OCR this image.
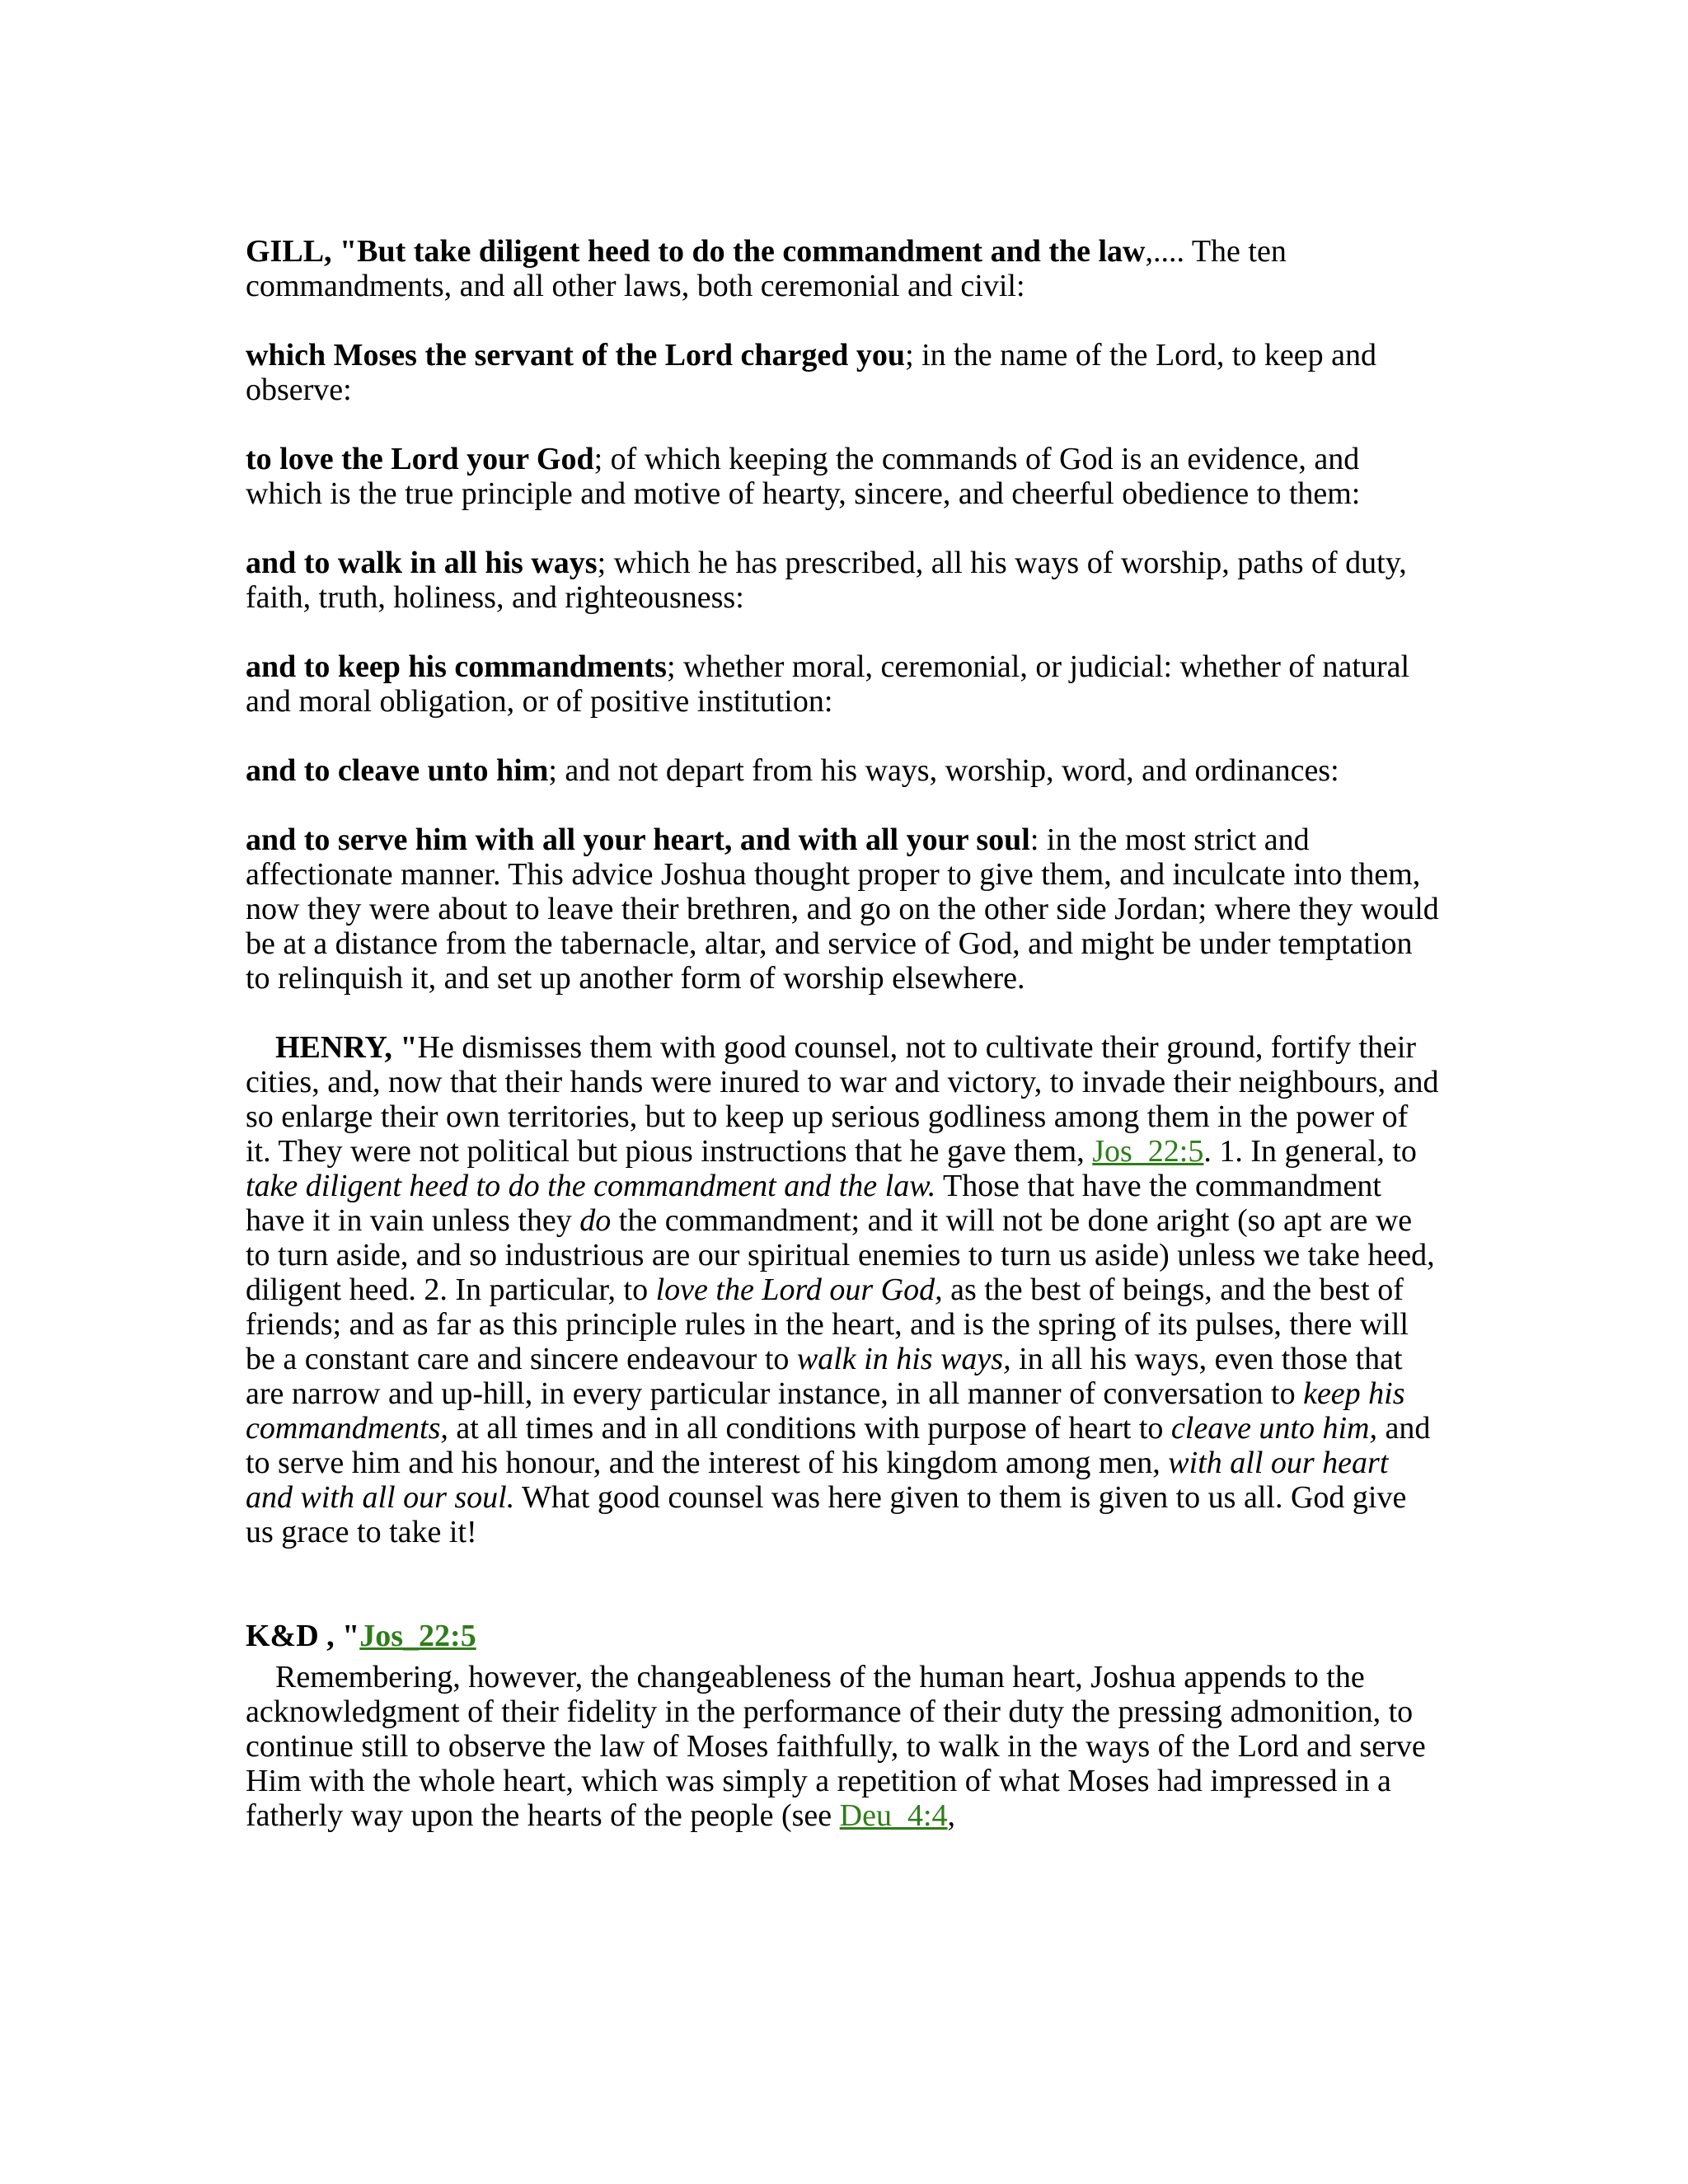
GILL, "But take diligent heed to do the commandment and the law,.... The ten commandments, and all other laws, both ceremonial and civil:

which Moses the servant of the Lord charged you; in the name of the Lord, to keep and observe:

to love the Lord your God; of which keeping the commands of God is an evidence, and which is the true principle and motive of hearty, sincere, and cheerful obedience to them:

and to walk in all his ways; which he has prescribed, all his ways of worship, paths of duty, faith, truth, holiness, and righteousness:

and to keep his commandments; whether moral, ceremonial, or judicial: whether of natural and moral obligation, or of positive institution:

and to cleave unto him; and not depart from his ways, worship, word, and ordinances:

and to serve him with all your heart, and with all your soul: in the most strict and affectionate manner. This advice Joshua thought proper to give them, and inculcate into them, now they were about to leave their brethren, and go on the other side Jordan; where they would be at a distance from the tabernacle, altar, and service of God, and might be under temptation to relinquish it, and set up another form of worship elsewhere.

HENRY, "He dismisses them with good counsel, not to cultivate their ground, fortify their cities, and, now that their hands were inured to war and victory, to invade their neighbours, and so enlarge their own territories, but to keep up serious godliness among them in the power of it. They were not political but pious instructions that he gave them, Jos_22:5. 1. In general, to take diligent heed to do the commandment and the law. Those that have the commandment have it in vain unless they do the commandment; and it will not be done aright (so apt are we to turn aside, and so industrious are our spiritual enemies to turn us aside) unless we take heed, diligent heed. 2. In particular, to love the Lord our God, as the best of beings, and the best of friends; and as far as this principle rules in the heart, and is the spring of its pulses, there will be a constant care and sincere endeavour to walk in his ways, in all his ways, even those that are narrow and up-hill, in every particular instance, in all manner of conversation to keep his commandments, at all times and in all conditions with purpose of heart to cleave unto him, and to serve him and his honour, and the interest of his kingdom among men, with all our heart and with all our soul. What good counsel was here given to them is given to us all. God give us grace to take it!

K&D , "Jos_22:5

Remembering, however, the changeableness of the human heart, Joshua appends to the acknowledgment of their fidelity in the performance of their duty the pressing admonition, to continue still to observe the law of Moses faithfully, to walk in the ways of the Lord and serve Him with the whole heart, which was simply a repetition of what Moses had impressed in a fatherly way upon the hearts of the people (see Deu_4:4,
